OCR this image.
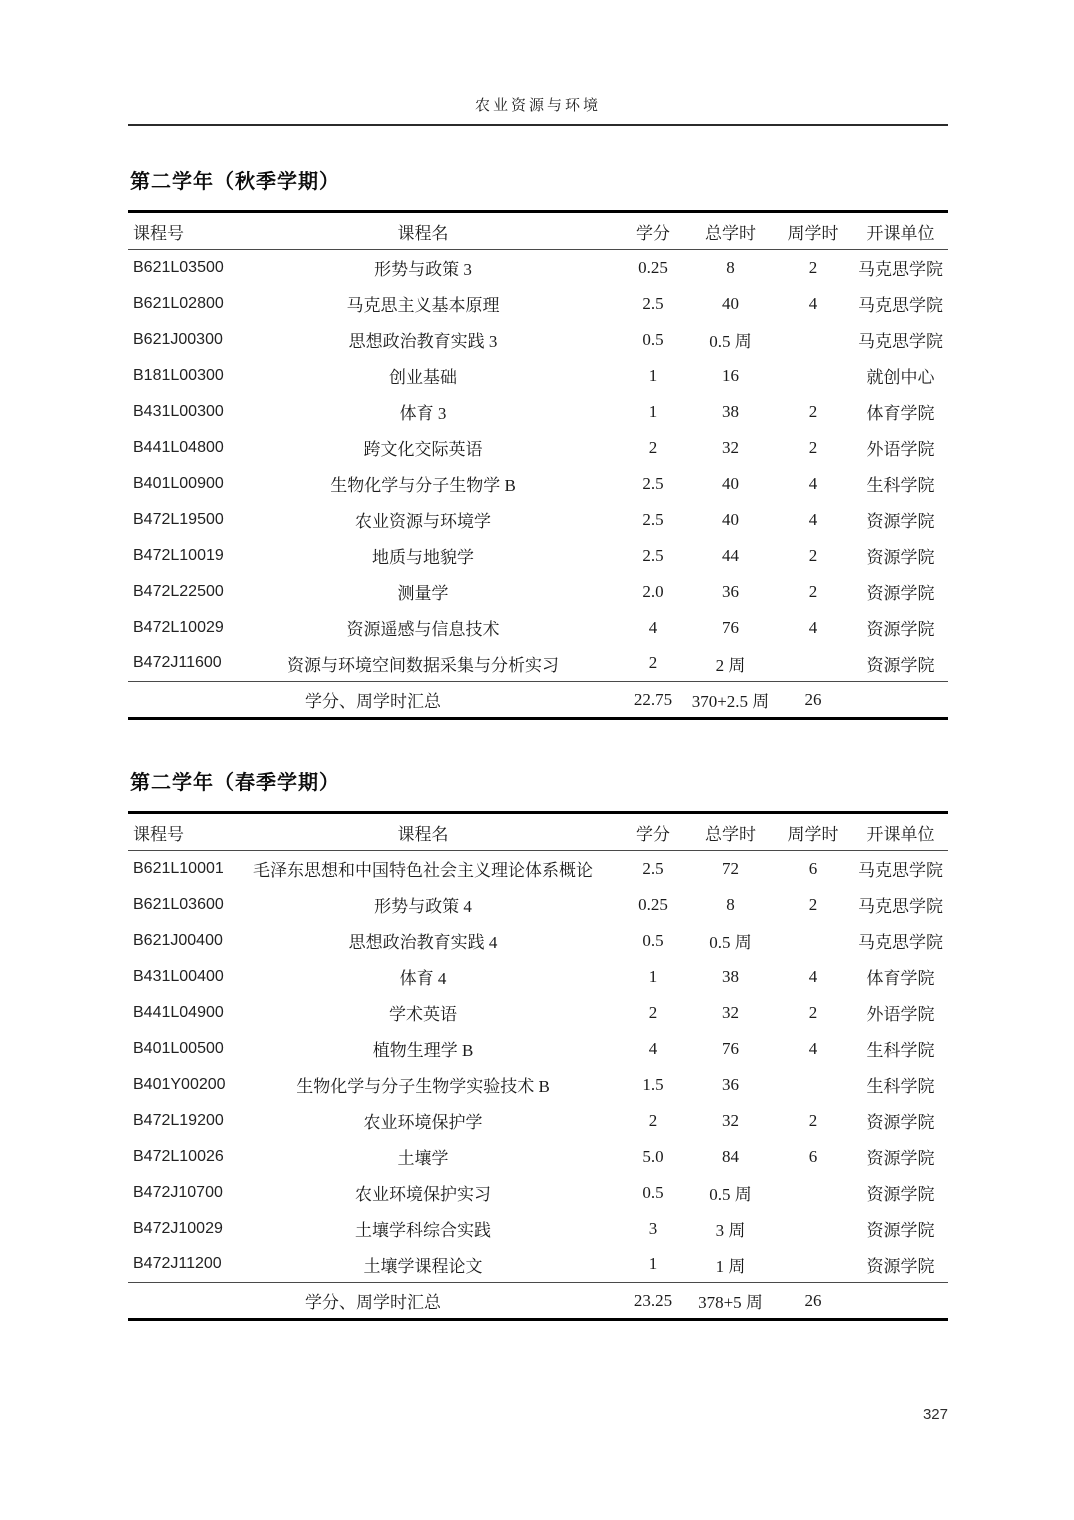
农业资源与环境
第二学年（秋季学期）
课程号	课程名	学分	总学时	周学时	开课单位
B621L03500	形势与政策 3	0.25	8	2	马克思学院
B621L02800	马克思主义基本原理	2.5	40	4	马克思学院
B621J00300	思想政治教育实践 3	0.5	0.5 周		马克思学院
B181L00300	创业基础	1	16		就创中心
B431L00300	体育 3	1	38	2	体育学院
B441L04800	跨文化交际英语	2	32	2	外语学院
B401L00900	生物化学与分子生物学 B	2.5	40	4	生科学院
B472L19500	农业资源与环境学	2.5	40	4	资源学院
B472L10019	地质与地貌学	2.5	44	2	资源学院
B472L22500	测量学	2.0	36	2	资源学院
B472L10029	资源遥感与信息技术	4	76	4	资源学院
B472J11600	资源与环境空间数据采集与分析实习	2	2 周		资源学院
学分、周学时汇总		22.75	370+2.5 周	26	
第二学年（春季学期）
课程号	课程名	学分	总学时	周学时	开课单位
B621L10001	毛泽东思想和中国特色社会主义理论体系概论	2.5	72	6	马克思学院
B621L03600	形势与政策 4	0.25	8	2	马克思学院
B621J00400	思想政治教育实践 4	0.5	0.5 周		马克思学院
B431L00400	体育 4	1	38	4	体育学院
B441L04900	学术英语	2	32	2	外语学院
B401L00500	植物生理学 B	4	76	4	生科学院
B401Y00200	生物化学与分子生物学实验技术 B	1.5	36		生科学院
B472L19200	农业环境保护学	2	32	2	资源学院
B472L10026	土壤学	5.0	84	6	资源学院
B472J10700	农业环境保护实习	0.5	0.5 周		资源学院
B472J10029	土壤学科综合实践	3	3 周		资源学院
B472J11200	土壤学课程论文	1	1 周		资源学院
学分、周学时汇总		23.25	378+5 周	26	
327
